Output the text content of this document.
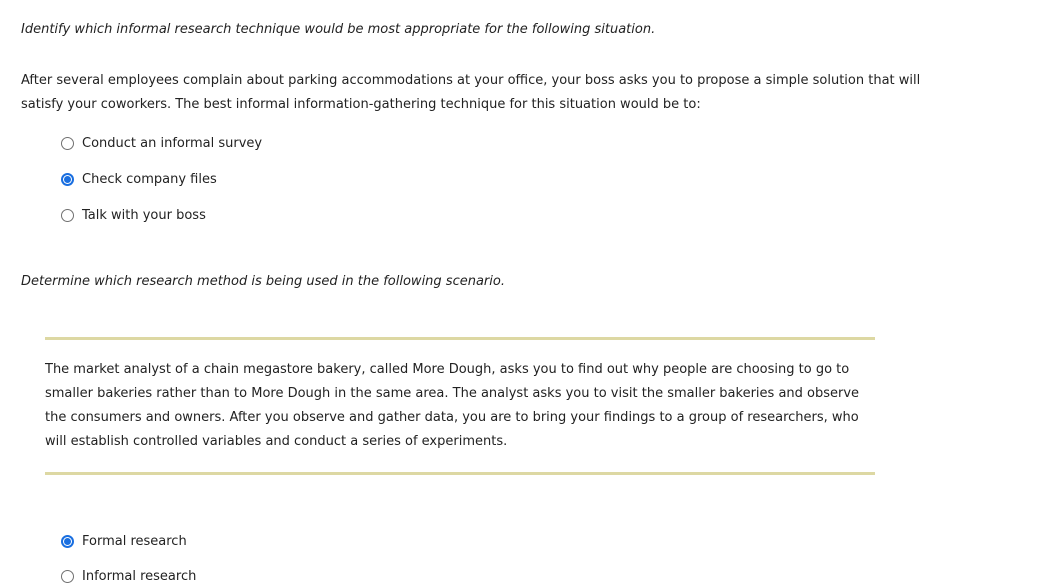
Identify which informal research technique would be most appropriate for the following situation.
After several employees complain about parking accommodations at your office, your boss asks you to propose a simple solution that will satisfy your coworkers. The best informal information-gathering technique for this situation would be to:
Conduct an informal survey
Check company files
Talk with your boss
Determine which research method is being used in the following scenario.
The market analyst of a chain megastore bakery, called More Dough, asks you to find out why people are choosing to go to smaller bakeries rather than to More Dough in the same area. The analyst asks you to visit the smaller bakeries and observe the consumers and owners. After you observe and gather data, you are to bring your findings to a group of researchers, who will establish controlled variables and conduct a series of experiments.
Formal research
Informal research
